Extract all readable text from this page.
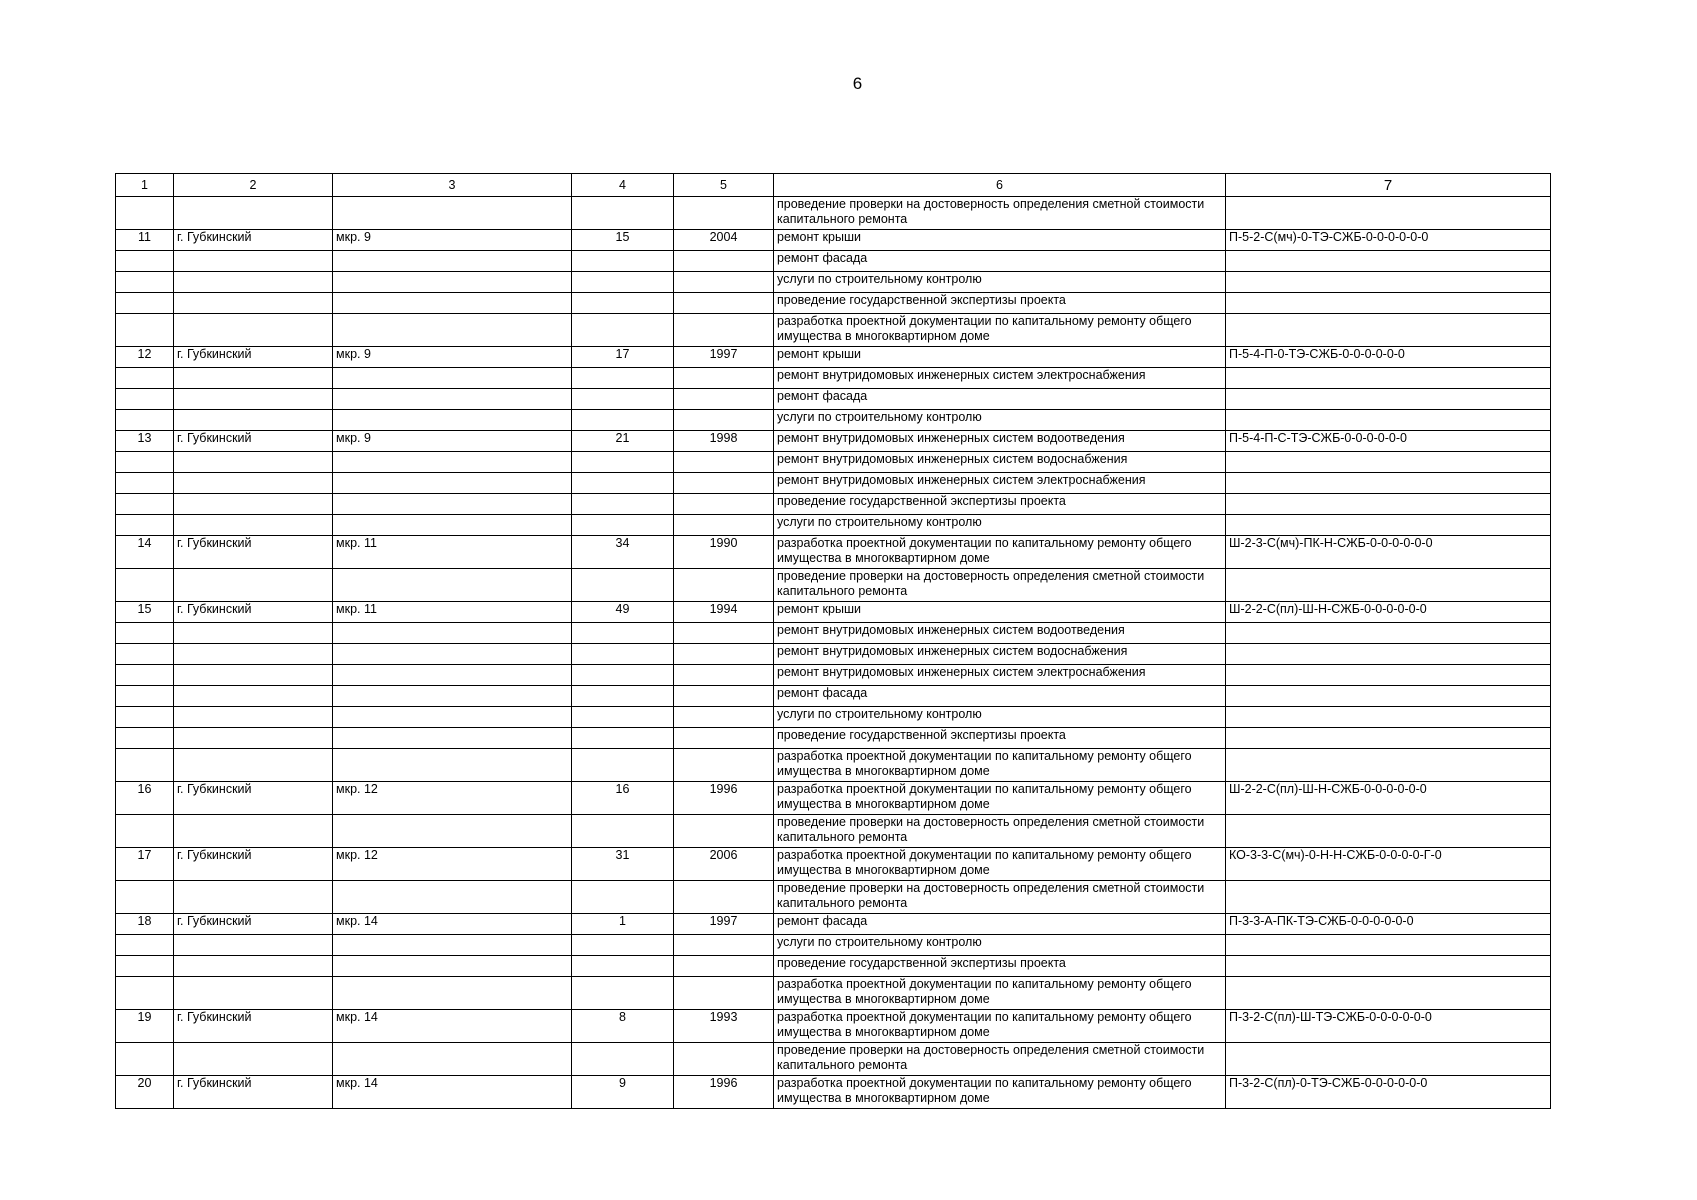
6
1	2	3	4	5	6	7
					проведение проверки на достоверность определения сметной стоимости капитального ремонта	
11	г. Губкинский	мкр. 9	15	2004	ремонт крыши	П-5-2-С(мч)-0-ТЭ-СЖБ-0-0-0-0-0-0
					ремонт фасада	
					услуги по строительному контролю	
					проведение государственной экспертизы проекта	
					разработка проектной документации по капитальному ремонту общего имущества в многоквартирном доме	
12	г. Губкинский	мкр. 9	17	1997	ремонт крыши	П-5-4-П-0-ТЭ-СЖБ-0-0-0-0-0-0
					ремонт внутридомовых инженерных систем электроснабжения	
					ремонт фасада	
					услуги по строительному контролю	
13	г. Губкинский	мкр. 9	21	1998	ремонт внутридомовых инженерных систем водоотведения	П-5-4-П-С-ТЭ-СЖБ-0-0-0-0-0-0
					ремонт внутридомовых инженерных систем водоснабжения	
					ремонт внутридомовых инженерных систем электроснабжения	
					проведение государственной экспертизы проекта	
					услуги по строительному контролю	
14	г. Губкинский	мкр. 11	34	1990	разработка проектной документации по капитальному ремонту общего имущества в многоквартирном доме	Ш-2-3-С(мч)-ПК-Н-СЖБ-0-0-0-0-0-0
					проведение проверки на достоверность определения сметной стоимости капитального ремонта	
15	г. Губкинский	мкр. 11	49	1994	ремонт крыши	Ш-2-2-С(пл)-Ш-Н-СЖБ-0-0-0-0-0-0
					ремонт внутридомовых инженерных систем водоотведения	
					ремонт внутридомовых инженерных систем водоснабжения	
					ремонт внутридомовых инженерных систем электроснабжения	
					ремонт фасада	
					услуги по строительному контролю	
					проведение государственной экспертизы проекта	
					разработка проектной документации по капитальному ремонту общего имущества в многоквартирном доме	
16	г. Губкинский	мкр. 12	16	1996	разработка проектной документации по капитальному ремонту общего имущества в многоквартирном доме	Ш-2-2-С(пл)-Ш-Н-СЖБ-0-0-0-0-0-0
					проведение проверки на достоверность определения сметной стоимости капитального ремонта	
17	г. Губкинский	мкр. 12	31	2006	разработка проектной документации по капитальному ремонту общего имущества в многоквартирном доме	КО-3-3-С(мч)-0-Н-Н-СЖБ-0-0-0-0-Г-0
					проведение проверки на достоверность определения сметной стоимости капитального ремонта	
18	г. Губкинский	мкр. 14	1	1997	ремонт фасада	П-3-3-А-ПК-ТЭ-СЖБ-0-0-0-0-0-0
					услуги по строительному контролю	
					проведение государственной экспертизы проекта	
					разработка проектной документации по капитальному ремонту общего имущества в многоквартирном доме	
19	г. Губкинский	мкр. 14	8	1993	разработка проектной документации по капитальному ремонту общего имущества в многоквартирном доме	П-3-2-С(пл)-Ш-ТЭ-СЖБ-0-0-0-0-0-0
					проведение проверки на достоверность определения сметной стоимости капитального ремонта	
20	г. Губкинский	мкр. 14	9	1996	разработка проектной документации по капитальному ремонту общего имущества в многоквартирном доме	П-3-2-С(пл)-0-ТЭ-СЖБ-0-0-0-0-0-0
